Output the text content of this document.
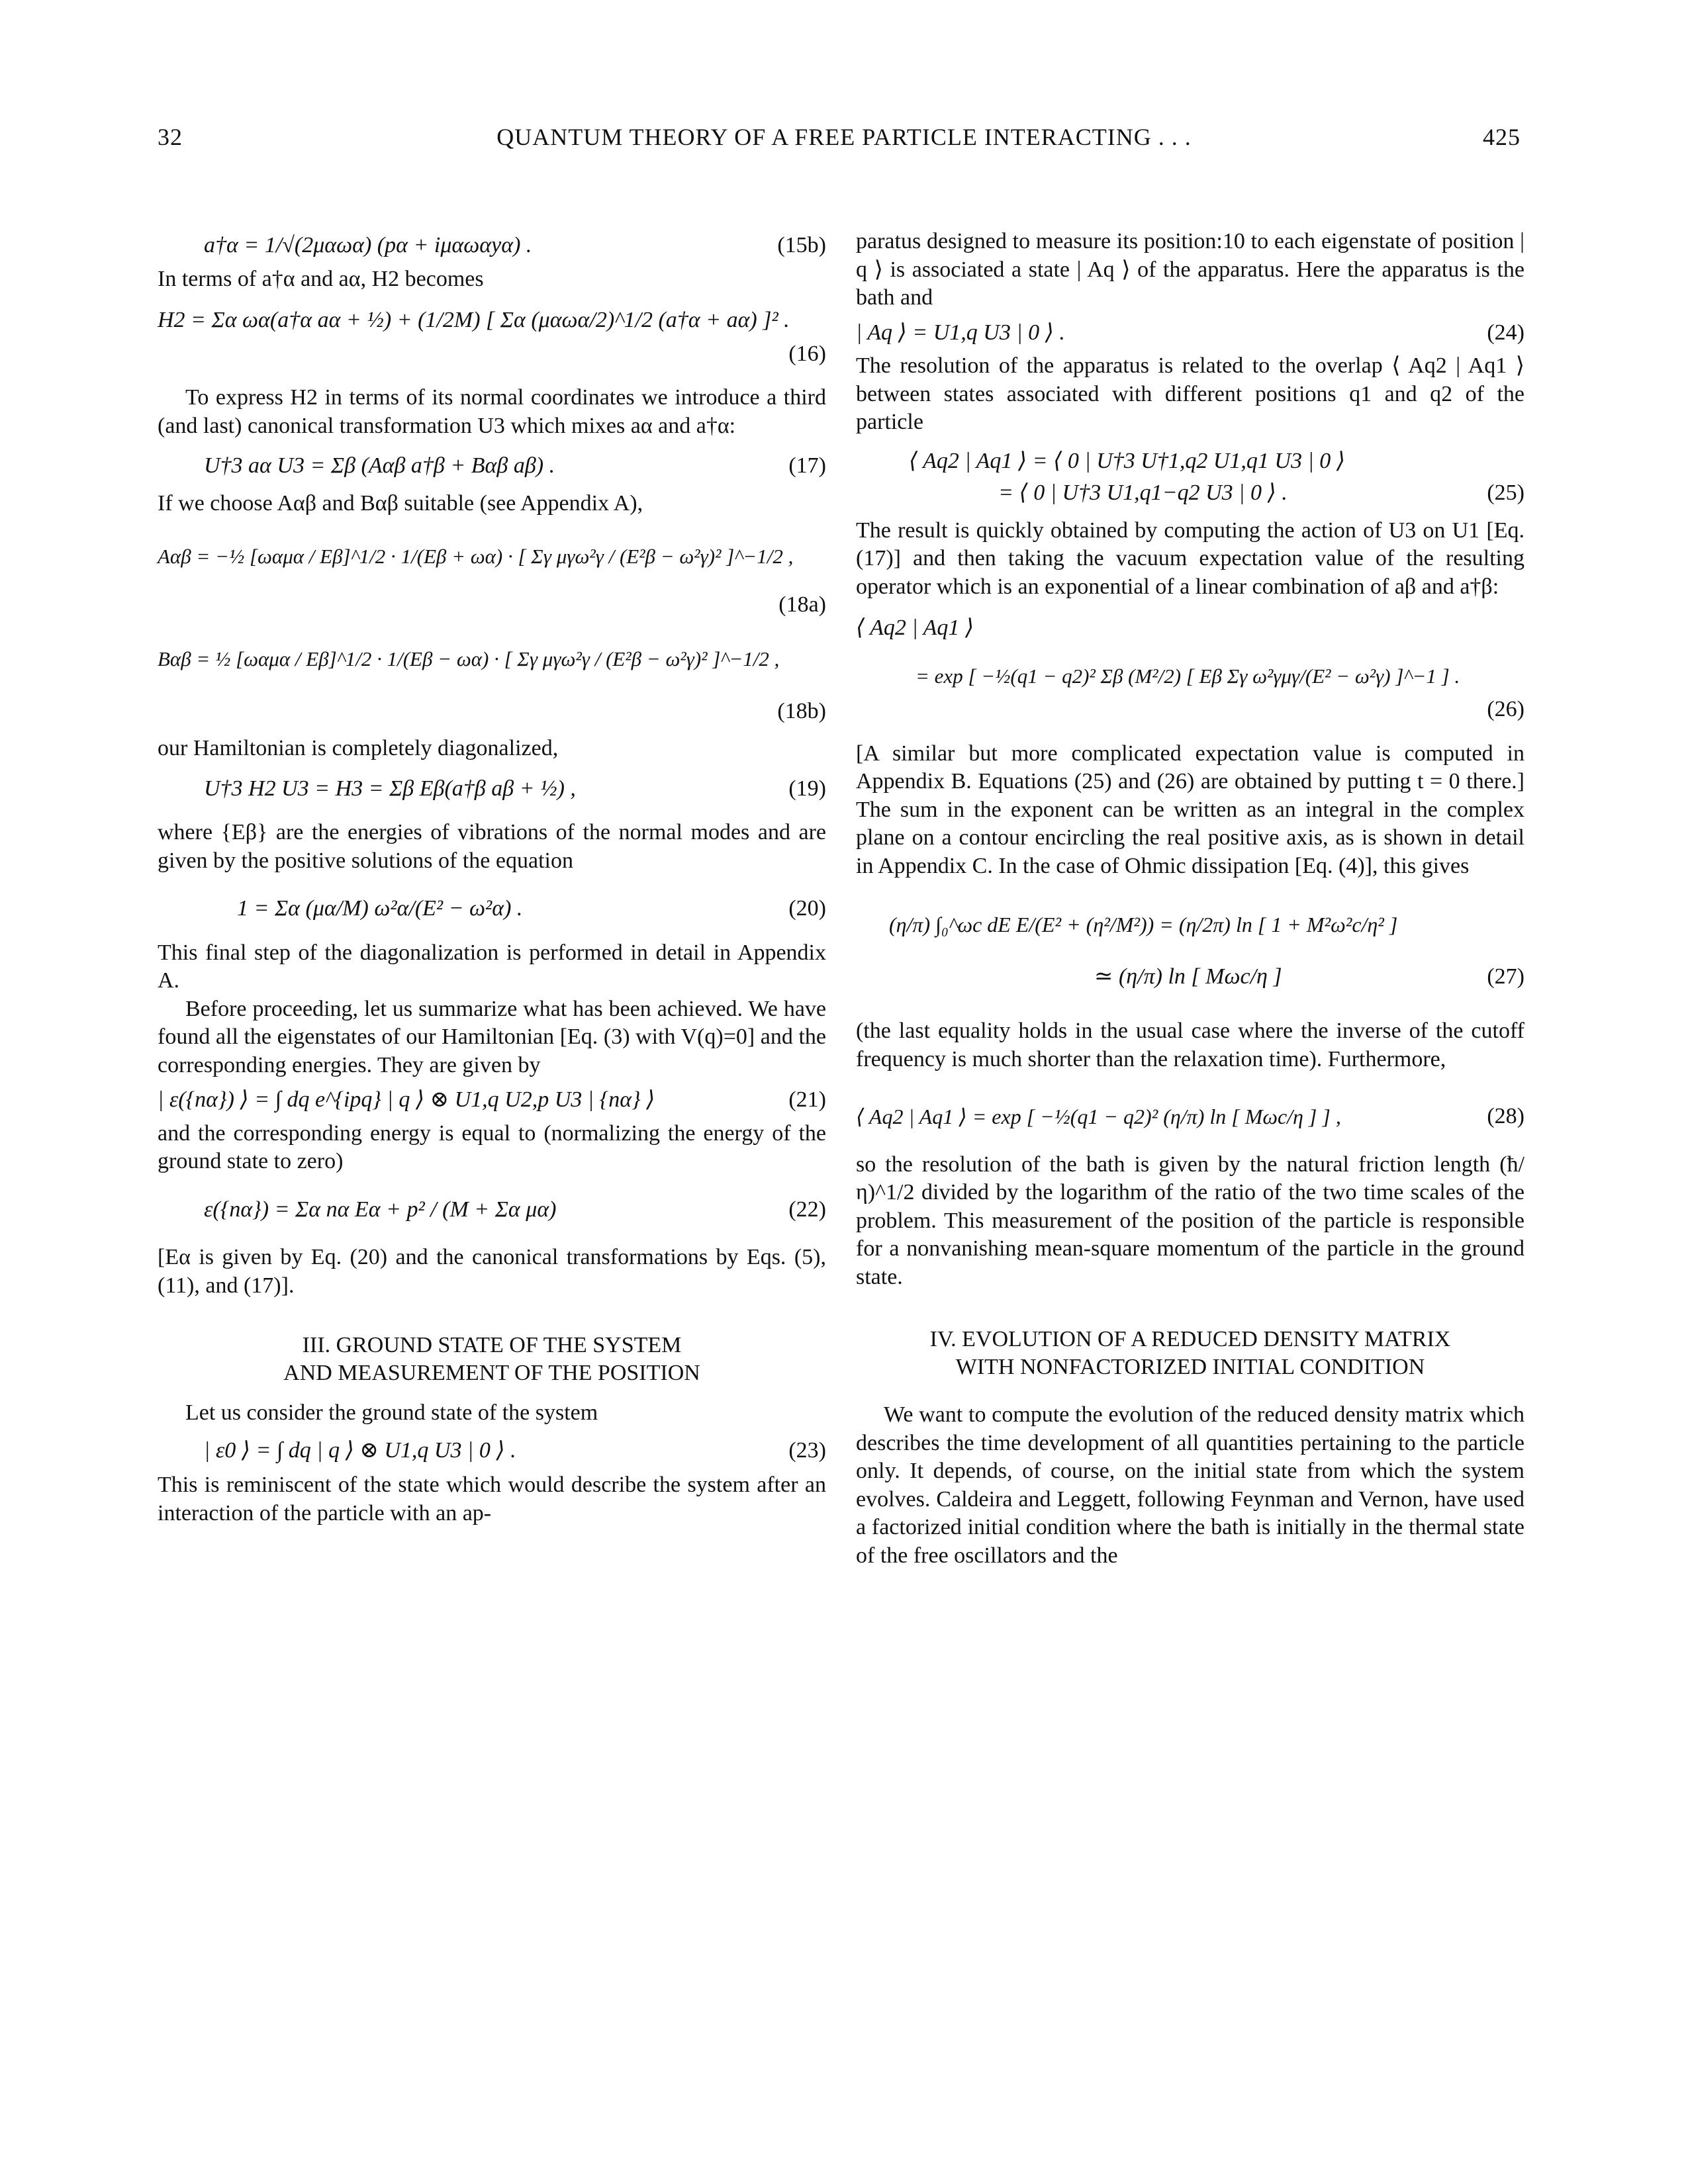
32	QUANTUM THEORY OF A FREE PARTICLE INTERACTING . . .	425
a†α = 1/√(2μαωα) (pα + iμαωαyα) .	(15b)

In terms of a†α and aα, H2 becomes

H2 = Σα ωα(a†α aα + ½) + (1/2M) [ Σα (μαωα/2)^1/2 (a†α + aα) ]² .
(16)

To express H2 in terms of its normal coordinates we introduce a third (and last) canonical transformation U3 which mixes aα and a†α:

U†3 aα U3 = Σβ (Aαβ a†β + Bαβ aβ) .	(17)

If we choose Aαβ and Bαβ suitable (see Appendix A),

Aαβ = −½ [ωαμα / Eβ]^1/2 · 1/(Eβ + ωα) · [ Σγ μγω²γ / (E²β − ω²γ)² ]^−1/2 ,
(18a)
Bαβ = ½ [ωαμα / Eβ]^1/2 · 1/(Eβ − ωα) · [ Σγ μγω²γ / (E²β − ω²γ)² ]^−1/2 ,
(18b)

our Hamiltonian is completely diagonalized,

U†3 H2 U3 = H3 = Σβ Eβ(a†β aβ + ½) ,	(19)

where {Eβ} are the energies of vibrations of the normal modes and are given by the positive solutions of the equation

1 = Σα (μα/M) ω²α/(E² − ω²α) .	(20)

This final step of the diagonalization is performed in detail in Appendix A.

Before proceeding, let us summarize what has been achieved. We have found all the eigenstates of our Hamiltonian [Eq. (3) with V(q)=0] and the corresponding energies. They are given by

| ε({nα}) ⟩ = ∫ dq e^{ipq} | q ⟩ ⊗ U1,q U2,p U3 | {nα} ⟩	(21)

and the corresponding energy is equal to (normalizing the energy of the ground state to zero)

ε({nα}) = Σα nα Eα + p² / (M + Σα μα)	(22)

[Eα is given by Eq. (20) and the canonical transformations by Eqs. (5), (11), and (17)].

III. GROUND STATE OF THE SYSTEM
AND MEASUREMENT OF THE POSITION

Let us consider the ground state of the system

| ε0 ⟩ = ∫ dq | q ⟩ ⊗ U1,q U3 | 0 ⟩ .	(23)

This is reminiscent of the state which would describe the system after an interaction of the particle with an ap-

paratus designed to measure its position:10 to each eigenstate of position | q ⟩ is associated a state | Aq ⟩ of the apparatus. Here the apparatus is the bath and

| Aq ⟩ = U1,q U3 | 0 ⟩ .	(24)

The resolution of the apparatus is related to the overlap ⟨ Aq2 | Aq1 ⟩ between states associated with different positions q1 and q2 of the particle

⟨ Aq2 | Aq1 ⟩ = ⟨ 0 | U†3 U†1,q2 U1,q1 U3 | 0 ⟩
= ⟨ 0 | U†3 U1,q1−q2 U3 | 0 ⟩ .	(25)

The result is quickly obtained by computing the action of U3 on U1 [Eq. (17)] and then taking the vacuum expectation value of the resulting operator which is an exponential of a linear combination of aβ and a†β:

⟨ Aq2 | Aq1 ⟩
= exp [ −½(q1 − q2)² Σβ (M²/2) [ Eβ Σγ ω²γμγ/(E² − ω²γ) ]^−1 ] .
(26)

[A similar but more complicated expectation value is computed in Appendix B. Equations (25) and (26) are obtained by putting t = 0 there.] The sum in the exponent can be written as an integral in the complex plane on a contour encircling the real positive axis, as is shown in detail in Appendix C. In the case of Ohmic dissipation [Eq. (4)], this gives

(η/π) ∫₀^ωc dE E/(E² + (η²/M²)) = (η/2π) ln [ 1 + M²ω²c/η² ]
≃ (η/π) ln [ Mωc/η ]	(27)

(the last equality holds in the usual case where the inverse of the cutoff frequency is much shorter than the relaxation time). Furthermore,

⟨ Aq2 | Aq1 ⟩ = exp [ −½(q1 − q2)² (η/π) ln [ Mωc/η ] ] ,	(28)

so the resolution of the bath is given by the natural friction length (ħ/η)^1/2 divided by the logarithm of the ratio of the two time scales of the problem. This measurement of the position of the particle is responsible for a nonvanishing mean-square momentum of the particle in the ground state.

IV. EVOLUTION OF A REDUCED DENSITY MATRIX
WITH NONFACTORIZED INITIAL CONDITION

We want to compute the evolution of the reduced density matrix which describes the time development of all quantities pertaining to the particle only. It depends, of course, on the initial state from which the system evolves. Caldeira and Leggett, following Feynman and Vernon, have used a factorized initial condition where the bath is initially in the thermal state of the free oscillators and the
